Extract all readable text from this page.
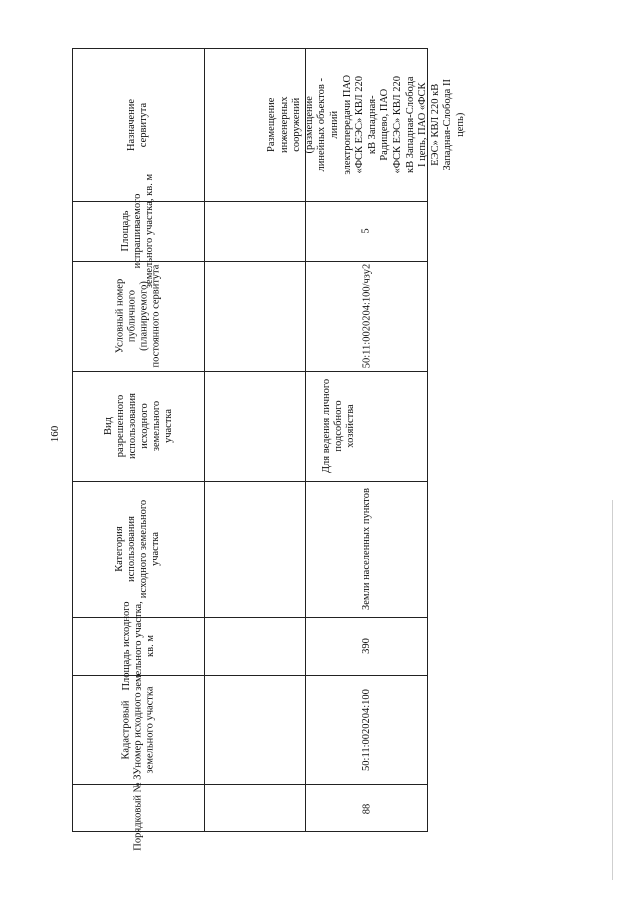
160
Назначение
сервитута
Площадь
испрашиваемого
земельного участка, кв. м
Условный номер
публичного
(планируемого)
постоянного сервитута
Вид
разрешенного
использования
исходного
земельного
участка
Категория
использования
исходного земельного
участка
Площадь исходного
земельного участка,
кв. м
Кадастровый
номер исходного
земельного участка
Порядковый № ЗУ
Размещение
инженерных
сооружений
(размещение
линейных объектов -
линий
электропередачи ПАО
«ФСК ЕЭС» КВЛ 220
кВ Западная-
Радищево, ПАО
«ФСК ЕЭС» КВЛ 220
кВ Западная-Слобода
I цепь, ПАО «ФСК
ЕЭС» КВЛ 220 кВ
Западная-Слобода II
цепь)
5
50:11:0020204:100/чзу2
Для ведения личного
подсобного
хозяйства
Земли населенных пунктов
390
50:11:0020204:100
88
